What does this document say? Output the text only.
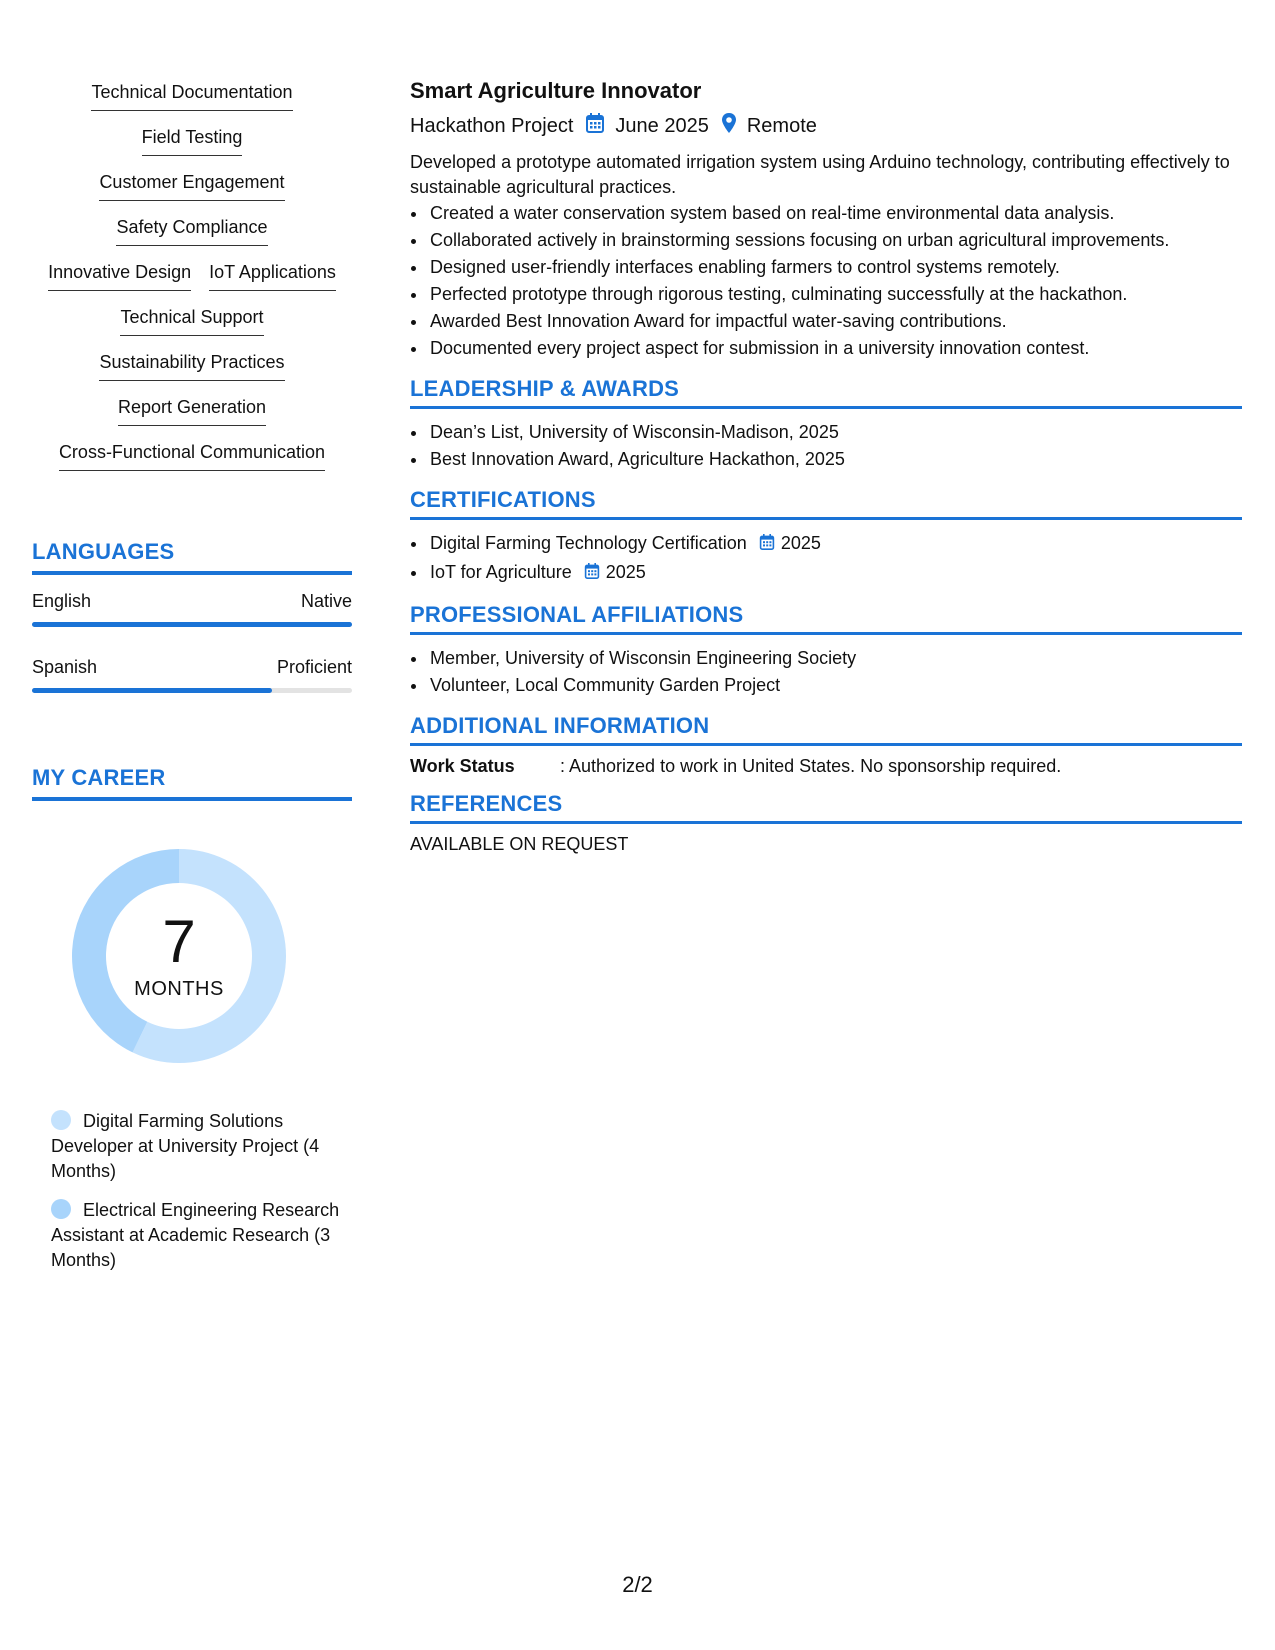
Technical Documentation
Field Testing
Customer Engagement
Safety Compliance
Innovative Design IoT Applications
Technical Support
Sustainability Practices
Report Generation
Cross-Functional Communication
LANGUAGES
English	Native
Spanish	Proficient
MY CAREER
7
MONTHS
Digital Farming Solutions Developer at University Project (4 Months)
Electrical Engineering Research Assistant at Academic Research (3 Months)
Smart Agriculture Innovator
Hackathon Project June 2025 Remote
Developed a prototype automated irrigation system using Arduino technology, contributing effectively to sustainable agricultural practices.
• Created a water conservation system based on real-time environmental data analysis.
• Collaborated actively in brainstorming sessions focusing on urban agricultural improvements.
• Designed user-friendly interfaces enabling farmers to control systems remotely.
• Perfected prototype through rigorous testing, culminating successfully at the hackathon.
• Awarded Best Innovation Award for impactful water-saving contributions.
• Documented every project aspect for submission in a university innovation contest.
LEADERSHIP & AWARDS
• Dean’s List, University of Wisconsin-Madison, 2025
• Best Innovation Award, Agriculture Hackathon, 2025
CERTIFICATIONS
• Digital Farming Technology Certification 2025
• IoT for Agriculture 2025
PROFESSIONAL AFFILIATIONS
• Member, University of Wisconsin Engineering Society
• Volunteer, Local Community Garden Project
ADDITIONAL INFORMATION
Work Status	: Authorized to work in United States. No sponsorship required.
REFERENCES
AVAILABLE ON REQUEST
2/2
